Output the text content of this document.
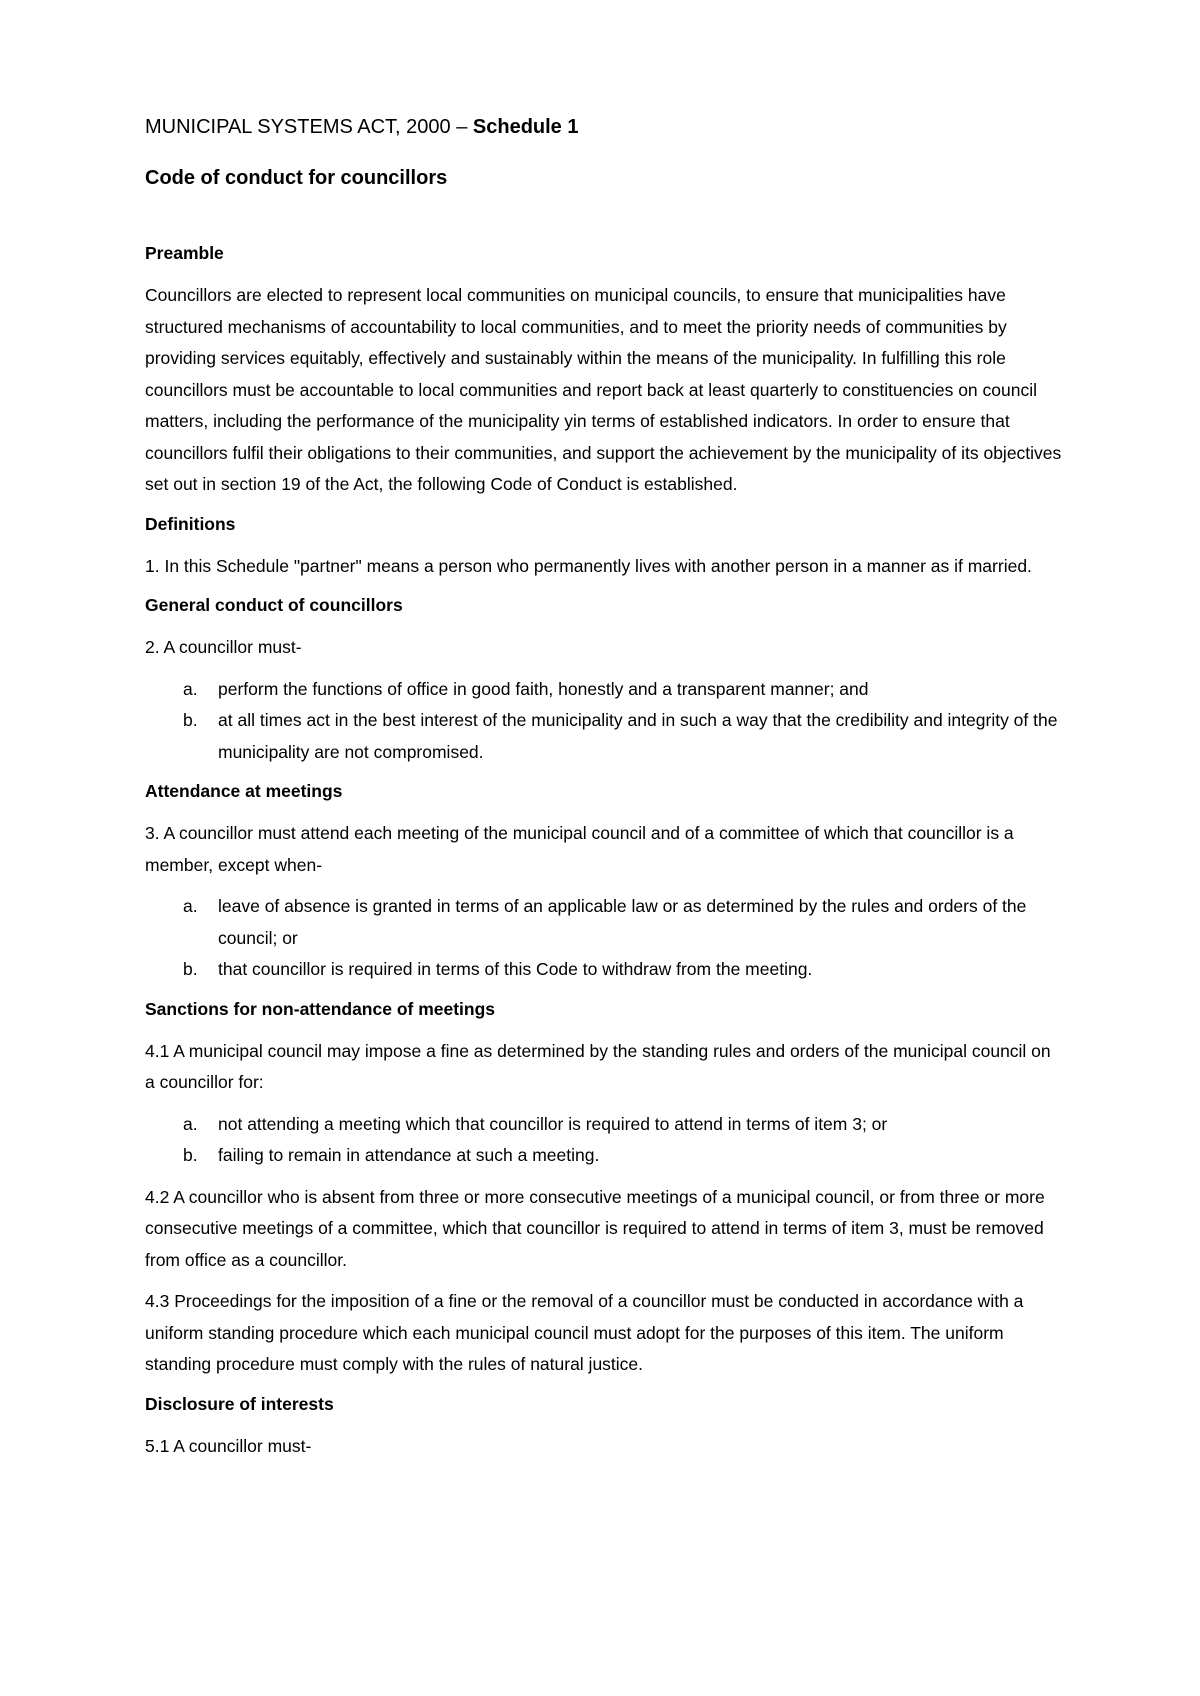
MUNICIPAL SYSTEMS ACT, 2000 – Schedule 1
Code of conduct for councillors
Preamble

Councillors are elected to represent local communities on municipal councils, to ensure that municipalities have structured mechanisms of accountability to local communities, and to meet the priority needs of communities by providing services equitably, effectively and sustainably within the means of the municipality. In fulfilling this role councillors must be accountable to local communities and report back at least quarterly to constituencies on council matters, including the performance of the municipality yin terms of established indicators. In order to ensure that councillors fulfil their obligations to their communities, and support the achievement by the municipality of its objectives set out in section 19 of the Act, the following Code of Conduct is established.

Definitions

1. In this Schedule "partner" means a person who permanently lives with another person in a manner as if married.

General conduct of councillors

2. A councillor must-

a. perform the functions of office in good faith, honestly and a transparent manner; and
b. at all times act in the best interest of the municipality and in such a way that the credibility and integrity of the municipality are not compromised.
Attendance at meetings

3. A councillor must attend each meeting of the municipal council and of a committee of which that councillor is a member, except when-

a. leave of absence is granted in terms of an applicable law or as determined by the rules and orders of the council; or
b. that councillor is required in terms of this Code to withdraw from the meeting.
Sanctions for non-attendance of meetings

4.1 A municipal council may impose a fine as determined by the standing rules and orders of the municipal council on a councillor for:

a. not attending a meeting which that councillor is required to attend in terms of item 3; or
b. failing to remain in attendance at such a meeting.

4.2 A councillor who is absent from three or more consecutive meetings of a municipal council, or from three or more consecutive meetings of a committee, which that councillor is required to attend in terms of item 3, must be removed from office as a councillor.

4.3 Proceedings for the imposition of a fine or the removal of a councillor must be conducted in accordance with a uniform standing procedure which each municipal council must adopt for the purposes of this item. The uniform standing procedure must comply with the rules of natural justice.

Disclosure of interests

5.1 A councillor must-
